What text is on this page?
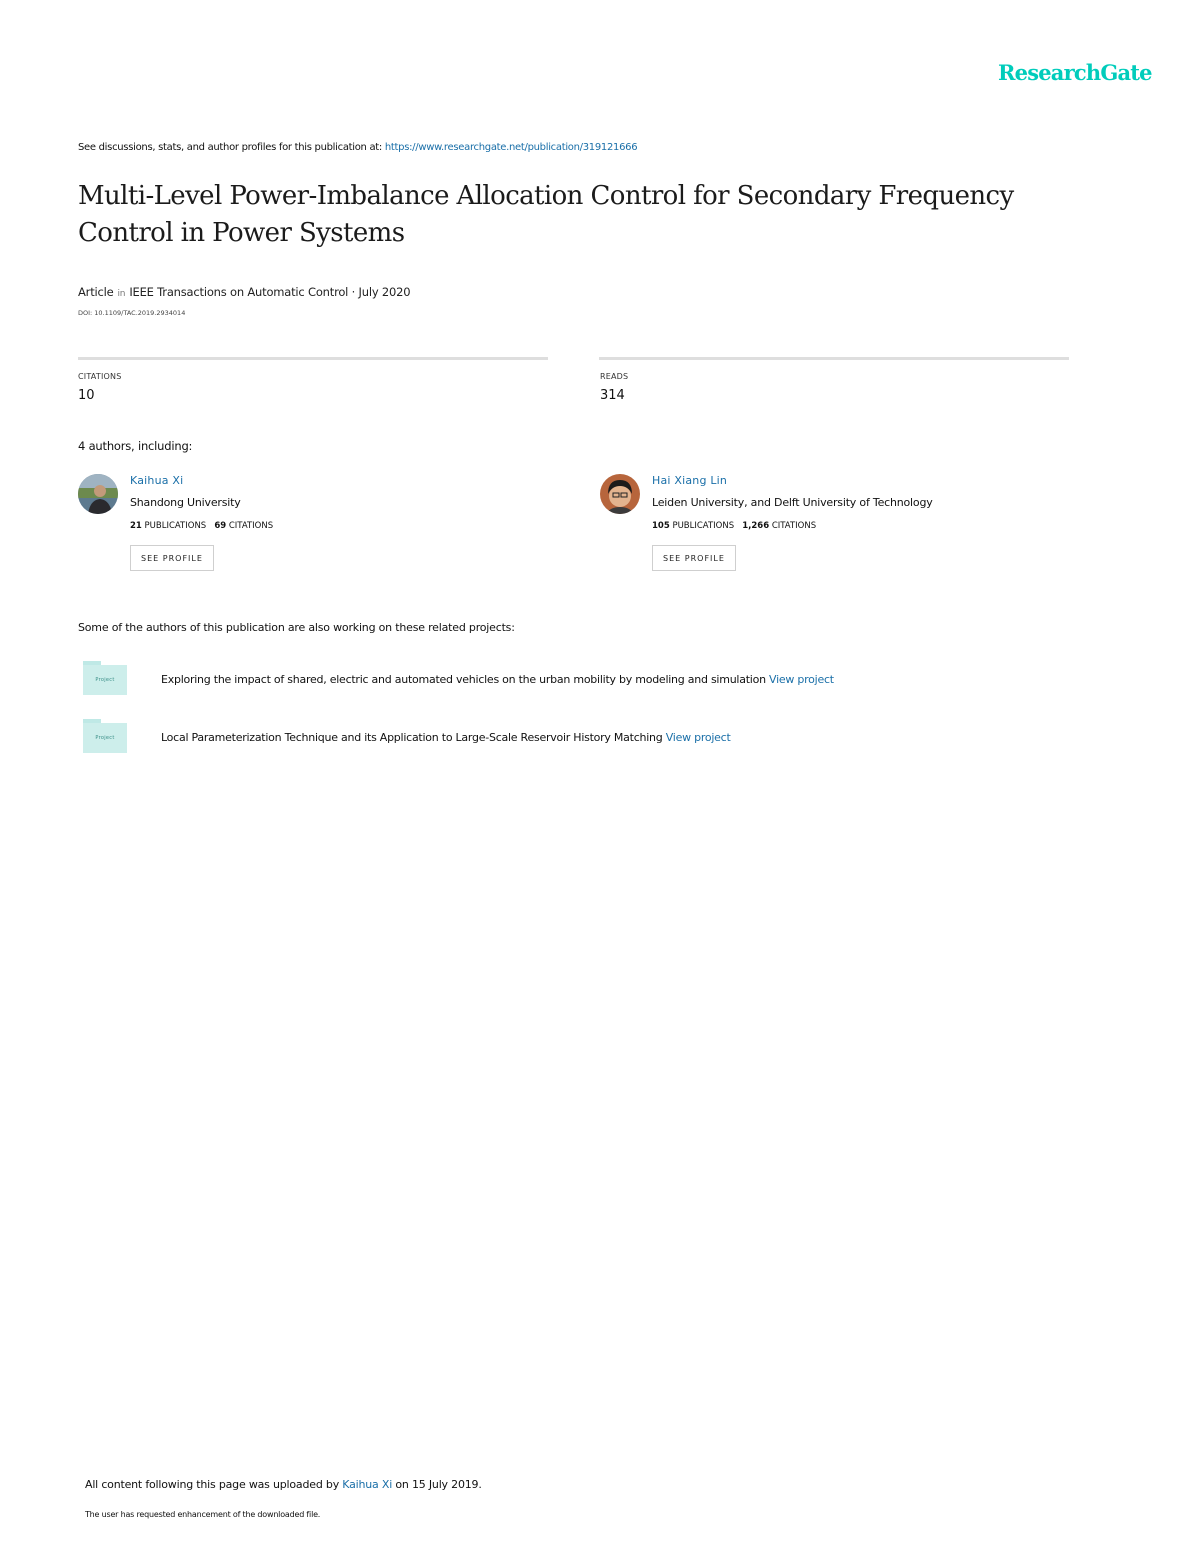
ResearchGate
See discussions, stats, and author profiles for this publication at: https://www.researchgate.net/publication/319121666
Multi-Level Power-Imbalance Allocation Control for Secondary Frequency Control in Power Systems
Article in IEEE Transactions on Automatic Control · July 2020
DOI: 10.1109/TAC.2019.2934014
CITATIONS
10
READS
314
4 authors, including:
Kaihua Xi
Shandong University
21 PUBLICATIONS 69 CITATIONS
SEE PROFILE
Hai Xiang Lin
Leiden University, and Delft University of Technology
105 PUBLICATIONS 1,266 CITATIONS
SEE PROFILE
Some of the authors of this publication are also working on these related projects:
Project	Exploring the impact of shared, electric and automated vehicles on the urban mobility by modeling and simulation View project
Project	Local Parameterization Technique and its Application to Large-Scale Reservoir History Matching View project
All content following this page was uploaded by Kaihua Xi on 15 July 2019.
The user has requested enhancement of the downloaded file.
